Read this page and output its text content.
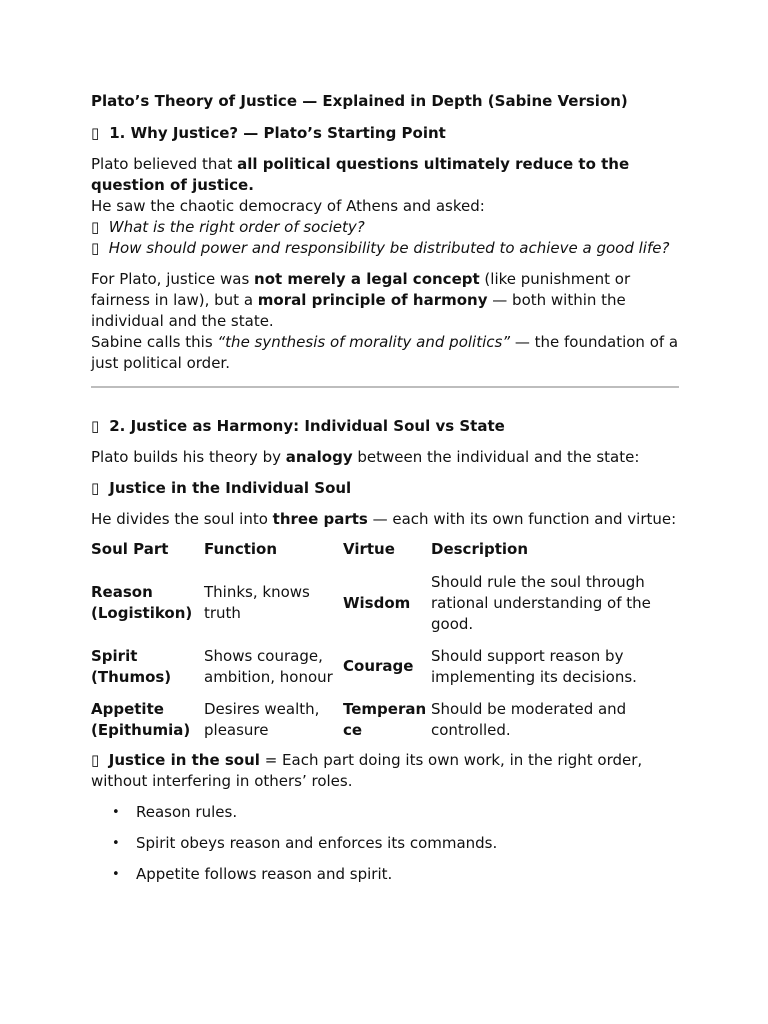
Plato’s Theory of Justice — Explained in Depth (Sabine Version)

▯ 1. Why Justice? — Plato’s Starting Point

Plato believed that all political questions ultimately reduce to the question of justice.

He saw the chaotic democracy of Athens and asked:

▯ What is the right order of society?

▯ How should power and responsibility be distributed to achieve a good life?

For Plato, justice was not merely a legal concept (like punishment or fairness in law), but a moral principle of harmony — both within the individual and the state.

Sabine calls this “the synthesis of morality and politics” — the foundation of a just political order.

▯ 2. Justice as Harmony: Individual Soul vs State

Plato builds his theory by analogy between the individual and the state:

▯ Justice in the Individual Soul

He divides the soul into three parts — each with its own function and virtue:

Soul Part	Function	Virtue	Description
Reason (Logistikon)	Thinks, knows truth	Wisdom	Should rule the soul through rational understanding of the good.
Spirit (Thumos)	Shows courage, ambition, honour	Courage	Should support reason by implementing its decisions.
Appetite (Epithumia)	Desires wealth, pleasure	Temperance	Should be moderated and controlled.

▯ Justice in the soul = Each part doing its own work, in the right order, without interfering in others’ roles.

• Reason rules.
• Spirit obeys reason and enforces its commands.
• Appetite follows reason and spirit.
